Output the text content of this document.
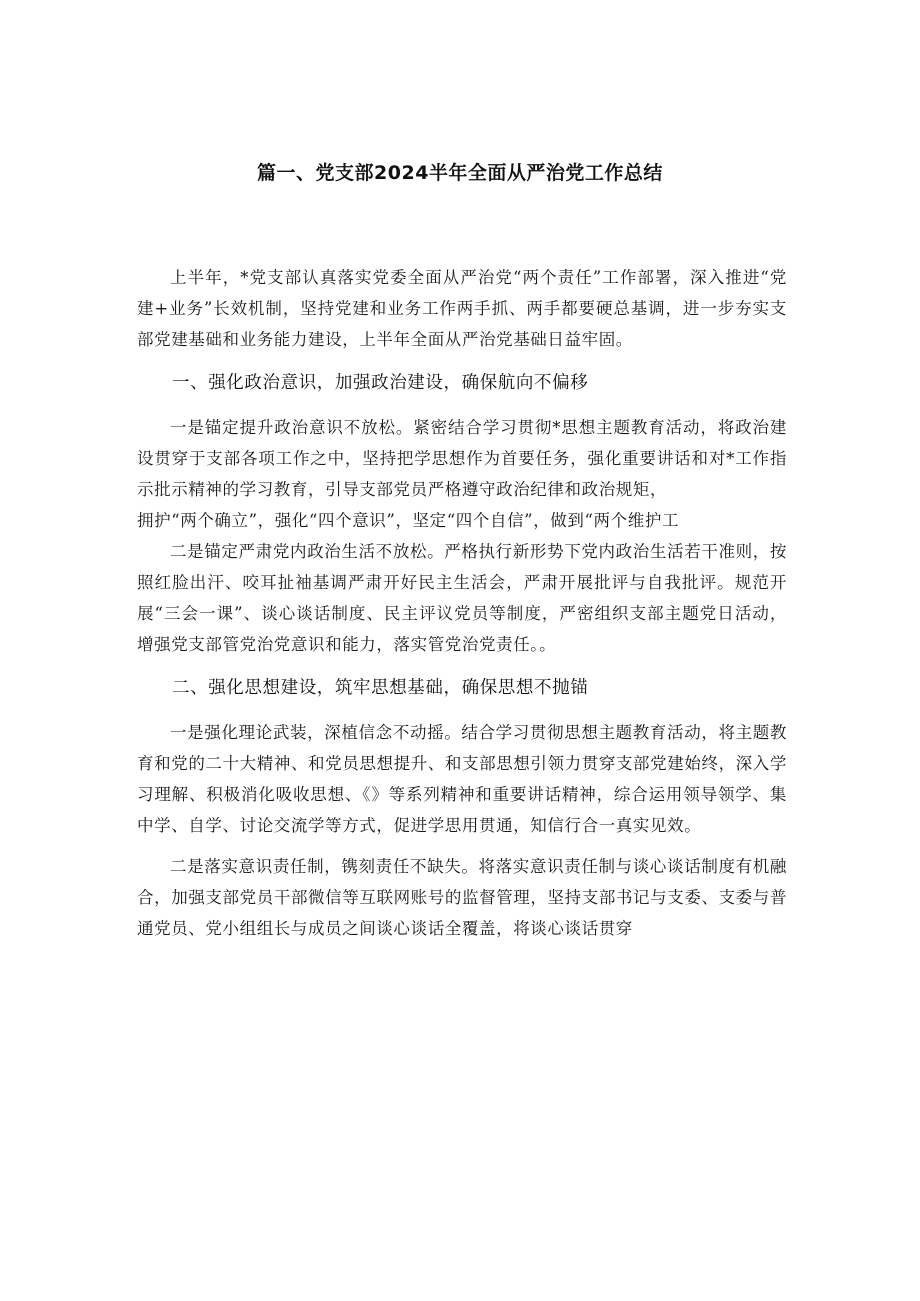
篇一、党支部2024半年全面从严治党工作总结

上半年，*党支部认真落实党委全面从严治党“两个责任”工作部署，深入推进“党建+业务”长效机制，坚持党建和业务工作两手抓、两手都要硬总基调，进一步夯实支部党建基础和业务能力建设，上半年全面从严治党基础日益牢固。

一、强化政治意识，加强政治建设，确保航向不偏移

一是锚定提升政治意识不放松。紧密结合学习贯彻*思想主题教育活动，将政治建设贯穿于支部各项工作之中，坚持把学思想作为首要任务，强化重要讲话和对*工作指示批示精神的学习教育，引导支部党员严格遵守政治纪律和政治规矩，

拥护“两个确立”，强化“四个意识”，坚定“四个自信”，做到“两个维护工

二是锚定严肃党内政治生活不放松。严格执行新形势下党内政治生活若干准则，按照红脸出汗、咬耳扯袖基调严肃开好民主生活会，严肃开展批评与自我批评。规范开展“三会一课”、谈心谈话制度、民主评议党员等制度，严密组织支部主题党日活动，增强党支部管党治党意识和能力，落实管党治党责任。。

二、强化思想建设，筑牢思想基础，确保思想不抛锚

一是强化理论武装，深植信念不动摇。结合学习贯彻思想主题教育活动，将主题教育和党的二十大精神、和党员思想提升、和支部思想引领力贯穿支部党建始终，深入学习理解、积极消化吸收思想、《》等系列精神和重要讲话精神，综合运用领导领学、集中学、自学、讨论交流学等方式，促进学思用贯通，知信行合一真实见效。

二是落实意识责任制，镌刻责任不缺失。将落实意识责任制与谈心谈话制度有机融合，加强支部党员干部微信等互联网账号的监督管理，坚持支部书记与支委、支委与普通党员、党小组组长与成员之间谈心谈话全覆盖，将谈心谈话贯穿
